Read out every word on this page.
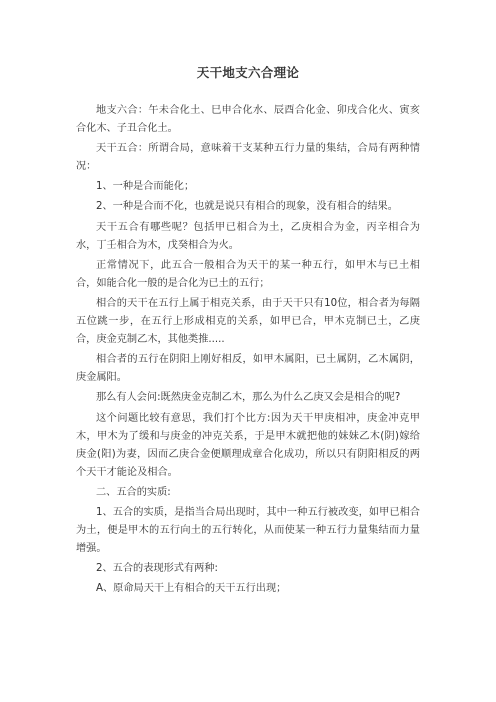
天干地支六合理论

地支六合：午未合化土、巳申合化水、辰酉合化金、卯戌合化火、寅亥合化木、子丑合化土。

天干五合：所谓合局，意味着干支某种五行力量的集结，合局有两种情况：

1、一种是合而能化；

2、一种是合而不化，也就是说只有相合的现象，没有相合的结果。

天干五合有哪些呢？包括甲已相合为土，乙庚相合为金，丙辛相合为水，丁壬相合为木，戊癸相合为火。

正常情况下，此五合一般相合为天干的某一种五行，如甲木与已土相合，如能合化一般的是合化为已土的五行；

相合的天干在五行上属于相克关系，由于天干只有10位，相合者为每隔五位跳一步，在五行上形成相克的关系，如甲已合，甲木克制已土，乙庚合，庚金克制乙木，其他类推.....

相合者的五行在阴阳上刚好相反，如甲木属阳，已土属阴，乙木属阴，庚金属阳。

那么有人会问:既然庚金克制乙木，那么为什么乙庚又会是相合的呢?

这个问题比较有意思，我们打个比方:因为天干甲庚相冲，庚金冲克甲木，甲木为了缓和与庚金的冲克关系，于是甲木就把他的妹妹乙木(阴)嫁给庚金(阳)为妻，因而乙庚合金便顺理成章合化成功，所以只有阴阳相反的两个天干才能论及相合。

二、五合的实质:

1、五合的实质，是指当合局出现时，其中一种五行被改变，如甲已相合为土，便是甲木的五行向土的五行转化，从而使某一种五行力量集结而力量增强。

2、五合的表现形式有两种:

A、原命局天干上有相合的天干五行出现；
